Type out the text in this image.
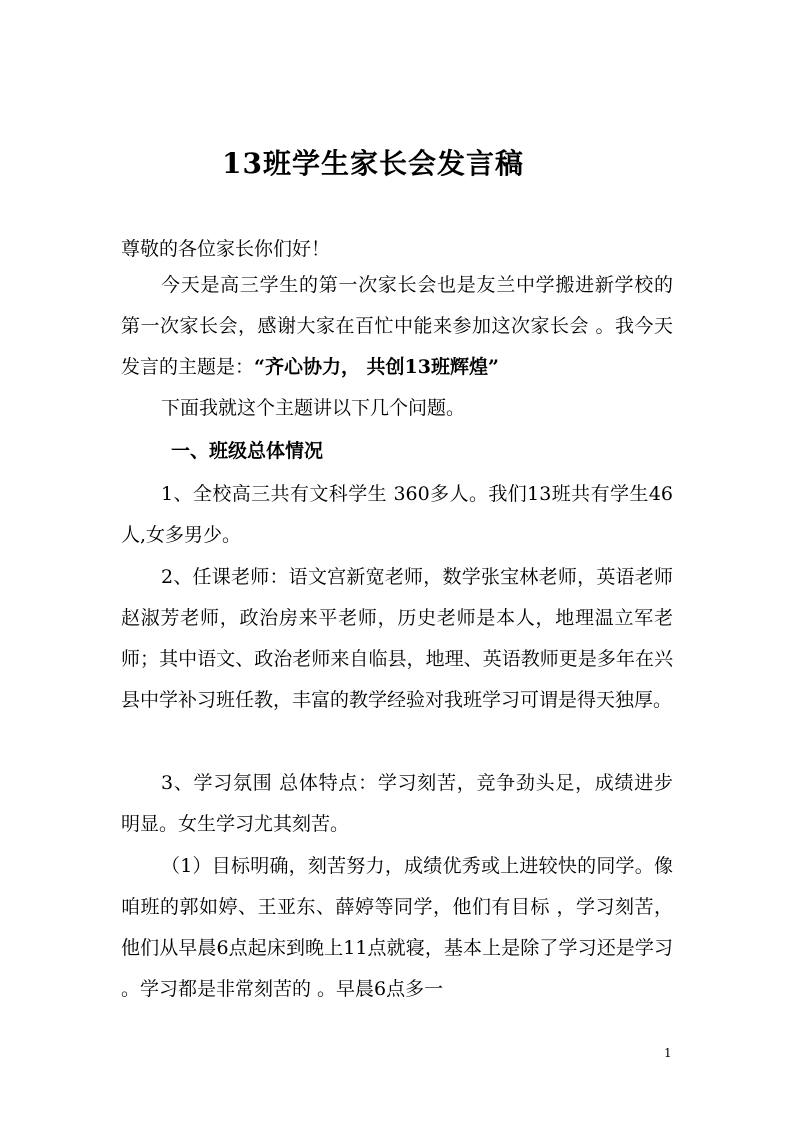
13班学生家长会发言稿

尊敬的各位家长你们好！

今天是高三学生的第一次家长会也是友兰中学搬进新学校的第一次家长会，感谢大家在百忙中能来参加这次家长会 。我今天发言的主题是：“齐心协力， 共创13班辉煌”

下面我就这个主题讲以下几个问题。

一、班级总体情况

1、全校高三共有文科学生 360多人。我们13班共有学生46人,女多男少。

2、任课老师：语文宫新宽老师，数学张宝林老师，英语老师赵淑芳老师，政治房来平老师，历史老师是本人，地理温立军老师；其中语文、政治老师来自临县，地理、英语教师更是多年在兴县中学补习班任教，丰富的教学经验对我班学习可谓是得天独厚。

3、学习氛围 总体特点：学习刻苦，竞争劲头足，成绩进步明显。女生学习尤其刻苦。

（1）目标明确，刻苦努力，成绩优秀或上进较快的同学。像咱班的郭如婷、王亚东、薛婷等同学，他们有目标 ，学习刻苦，他们从早晨6点起床到晚上11点就寝，基本上是除了学习还是学习 。学习都是非常刻苦的 。早晨6点多一

1
